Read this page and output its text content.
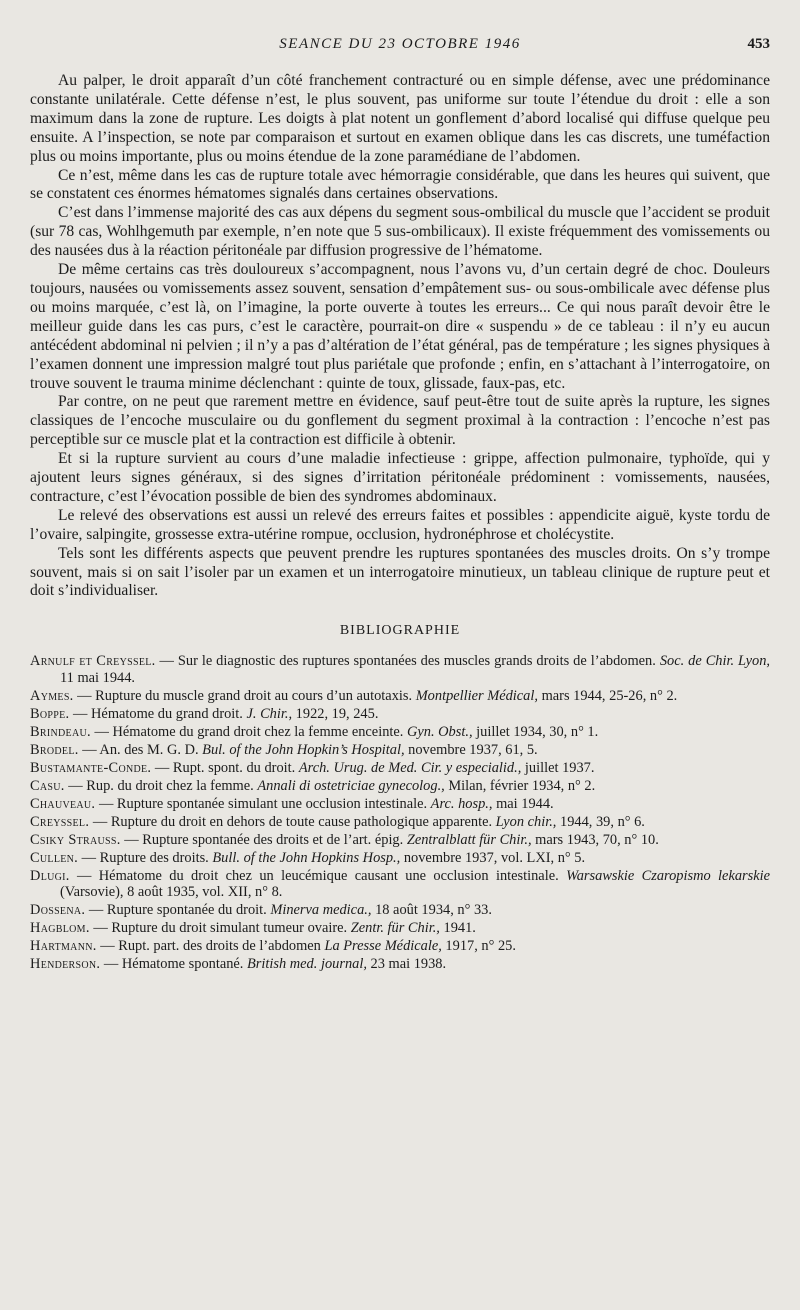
SEANCE DU 23 OCTOBRE 1946	453

Au palper, le droit apparaît d’un côté franchement contracturé ou en simple défense, avec une prédominance constante unilatérale. Cette défense n’est, le plus souvent, pas uniforme sur toute l’étendue du droit : elle a son maximum dans la zone de rupture. Les doigts à plat notent un gonflement d’abord localisé qui diffuse quelque peu ensuite. A l’inspection, se note par comparaison et surtout en examen oblique dans les cas discrets, une tuméfaction plus ou moins importante, plus ou moins étendue de la zone paramédiane de l’abdomen.

Ce n’est, même dans les cas de rupture totale avec hémorragie considérable, que dans les heures qui suivent, que se constatent ces énormes hématomes signalés dans certaines observations.

C’est dans l’immense majorité des cas aux dépens du segment sous-ombilical du muscle que l’accident se produit (sur 78 cas, Wohlhgemuth par exemple, n’en note que 5 sus-ombilicaux). Il existe fréquemment des vomissements ou des nausées dus à la réaction péritonéale par diffusion progressive de l’hématome.

De même certains cas très douloureux s’accompagnent, nous l’avons vu, d’un certain degré de choc. Douleurs toujours, nausées ou vomissements assez souvent, sensation d’empâtement sus- ou sous-ombilicale avec défense plus ou moins marquée, c’est là, on l’imagine, la porte ouverte à toutes les erreurs... Ce qui nous paraît devoir être le meilleur guide dans les cas purs, c’est le caractère, pourrait-on dire « suspendu » de ce tableau : il n’y eu aucun antécédent abdominal ni pelvien ; il n’y a pas d’altération de l’état général, pas de température ; les signes physiques à l’examen donnent une impression malgré tout plus pariétale que profonde ; enfin, en s’attachant à l’interrogatoire, on trouve souvent le trauma minime déclenchant : quinte de toux, glissade, faux-pas, etc.

Par contre, on ne peut que rarement mettre en évidence, sauf peut-être tout de suite après la rupture, les signes classiques de l’encoche musculaire ou du gonflement du segment proximal à la contraction : l’encoche n’est pas perceptible sur ce muscle plat et la contraction est difficile à obtenir.

Et si la rupture survient au cours d’une maladie infectieuse : grippe, affection pulmonaire, typhoïde, qui y ajoutent leurs signes généraux, si des signes d’irritation péritonéale prédominent : vomissements, nausées, contracture, c’est l’évocation possible de bien des syndromes abdominaux.

Le relevé des observations est aussi un relevé des erreurs faites et possibles : appendicite aiguë, kyste tordu de l’ovaire, salpingite, grossesse extra-utérine rompue, occlusion, hydronéphrose et cholécystite.

Tels sont les différents aspects que peuvent prendre les ruptures spontanées des muscles droits. On s’y trompe souvent, mais si on sait l’isoler par un examen et un interrogatoire minutieux, un tableau clinique de rupture peut et doit s’individualiser.

BIBLIOGRAPHIE
Arnulf et Creyssel. — Sur le diagnostic des ruptures spontanées des muscles grands droits de l’abdomen. Soc. de Chir. Lyon, 11 mai 1944.
Aymes. — Rupture du muscle grand droit au cours d’un autotaxis. Montpellier Médical, mars 1944, 25-26, n° 2.
Boppe. — Hématome du grand droit. J. Chir., 1922, 19, 245.
Brindeau. — Hématome du grand droit chez la femme enceinte. Gyn. Obst., juillet 1934, 30, n° 1.
Brodel. — An. des M. G. D. Bul. of the John Hopkin’s Hospital, novembre 1937, 61, 5.
Bustamante-Conde. — Rupt. spont. du droit. Arch. Urug. de Med. Cir. y especialid., juillet 1937.
Casu. — Rup. du droit chez la femme. Annali di ostetriciae gynecolog., Milan, février 1934, n° 2.
Chauveau. — Rupture spontanée simulant une occlusion intestinale. Arc. hosp., mai 1944.
Creyssel. — Rupture du droit en dehors de toute cause pathologique apparente. Lyon chir., 1944, 39, n° 6.
Csiky Strauss. — Rupture spontanée des droits et de l’art. épig. Zentralblatt für Chir., mars 1943, 70, n° 10.
Cullen. — Rupture des droits. Bull. of the John Hopkins Hosp., novembre 1937, vol. LXI, n° 5.
Dlugi. — Hématome du droit chez un leucémique causant une occlusion intestinale. Warsawskie Czaropismo lekarskie (Varsovie), 8 août 1935, vol. XII, n° 8.
Dossena. — Rupture spontanée du droit. Minerva medica., 18 août 1934, n° 33.
Hagblom. — Rupture du droit simulant tumeur ovaire. Zentr. für Chir., 1941.
Hartmann. — Rupt. part. des droits de l’abdomen La Presse Médicale, 1917, n° 25.
Henderson. — Hématome spontané. British med. journal, 23 mai 1938.
